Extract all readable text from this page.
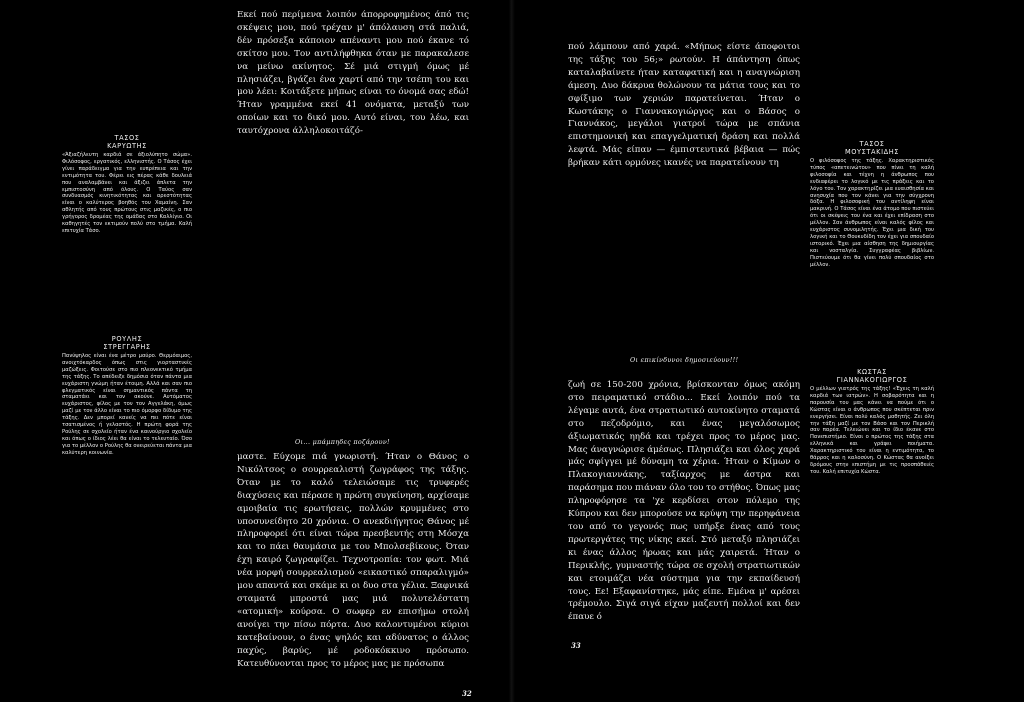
ΤΑΣΟΣ
ΚΑΡΥΩΤΗΣ
«Άξιαζήλευτη καρδιά σε άξιολύπητο σώμα». Φιλόσοφος, εργατικός, ελληνιστής. Ο Τάσος έχει γίνει παράδειγμα για την ευπρέπεια και την εντιμότητα του. Φέρει εις πέρας κάθε δουλειά που αναλαμβάνει και άξιζει άπλετα την εμπιστοσύνη από όλους. Ο Ταύος σαν συνδυασμός κινητικότητας και αρεστότητας είναι ο καλύτερος βοηθός του Χαμαίνη. Σαν αθλητής από τους πρώτους στις μαζικές, ο πιο γρήγορος δρομέας της ομάδας στο Καλλίγιο. Οι καθηγητές τον εκτιμούν πολύ στο τμήμα. Καλή επιτυχία Τάσο.
ΡΟΥΛΗΣ
ΣΤΡΕΓΓΑΡΗΣ
Πανύψηλος είναι ένα μέτρο μαύρο. Θερμόαιμος, ανοιχτόκαρδος όπως στις γιορταστικές μαζώξεις. Φοιτούσε στο πιο πλεονεκτικό τμήμα της τάξης. Το απέδειξε δημόσια όταν πάντα μια ευχάριστη γνώμη ήταν έτοιμη. Αλλά και σαν πιο φλεγματικός είναι σημαντικός πάντα τη σταματάει και τον ακούνε. Αυτόματος ευχάριστος, φίλος με τον τον Αγγελάκη, όμως μαζί με τον άλλο είναι το πιο όμορφο δίδυμο της τάξης. Δεν μπορεί κανείς να πει πότε είναι τσατισμένος ή γελαστός. Η πρώτη φορά της Ρούλης σε σχολείο ήταν ένα καινούργιο σχολείο και όπως ο ίδιος λέει θα είναι το τελευταίο. Όσο για το μέλλον ο Ρούλης θα ονειρεύεται πάντα μια καλύτερη κοινωνία.

Εκεί πού περίμενα λοιπόν άπορροφημένος άπό τις σκέψεις μου, πού τρέχαν μ' άπόλαυση στά παλιά, δέν πρόσεξα κάποιον απέναντι μου πού έκανε τό σκίτσο μου. Τον αντιλήφθηκα όταν με παρακαλεσε να μείνω ακίνητος. Σέ μιά στιγμή όμως μέ πλησιάζει, βγάζει ένα χαρτί από την τσέπη του και μου λέει: Κοιτάξετε μήπως είναι το όνομά σας εδώ! Ήταν γραμμένα εκεί 41 ονόματα, μεταξύ των οποίων και το δικό μου. Αυτό είναι, του λέω, και ταυτόχρονα άλληλοκοιτάζό-

Οι... μπάμπηδες ποζάρουν!

μαστε. Εύχομε πιά γνωριστή. Ήταν ο Θάνος ο Νικόλτσος ο σουρρεαλιστή ζωγράφος της τάξης. Όταν με το καλό τελειώσαμε τις τρυφερές διαχύσεις και πέρασε η πρώτη συγκίνηση, αρχίσαμε αμοιβαία τις ερωτήσεις, πολλών κρυμμένες στο υποσυνείδητο 20 χρόνια. Ο ανεκδιήγητος Θάνος μέ πληροφορεί ότι είναι τώρα πρεσβευτής στη Μόσχα και το πάει θαυμάσια με του Μπολσεβίκους. Όταν έχη καιρό ζωγραφίζει. Τεχνοτροπία: τον φωτ. Μιά νέα μορφή σουρρεαλισμού «εικαστικό σπαραλιγμό» μου απαντά και σκάμε κι οι δυο στα γέλια. Ξαφνικά σταματά μπροστά μας μιά πολυτελέστατη «ατομική» κούρσα. Ο σωφερ εν επισήμω στολή ανοίγει την πίσω πόρτα. Δυο καλοντυμένοι κύριοι κατεβαίνουν, ο ένας ψηλός και αδύνατος ο άλλος παχύς, βαρύς, μέ ροδοκόκκινο πρόσωπο. Κατευθύνονται προς το μέρος μας με πρόσωπα

32

πού λάμπουν από χαρά. «Μήπως είστε άποφοιτοι της τάξης του 56;» ρωτούν. Η άπάντηση όπως καταλαβαίνετε ήταν καταφατική και η αναγνώριση άμεση. Δυο δάκρυα θολώνουν τα μάτια τους και το σφίξιμο των χεριών παρατείνεται. Ήταν ο Κωστάκης ο Γιαννακογιώργος και ο Βάσος ο Γιαννάκος, μεγάλοι γιατροί τώρα με σπάνια επιστημονική και επαγγελματική δράση και πολλά λεφτά. Μάς είπαν — έμπιστευτικά βέβαια — πώς βρήκαν κάτι ορμόνες ικανές να παρατείνουν τη

Οι επικίνδυνοι δημοσιεύουν!!!

ζωή σε 150-200 χρόνια, βρίσκονταν όμως ακόμη στο πειραματικό στάδιο... Εκεί λοιπόν πού τα λέγαμε αυτά, ένα στρατιωτικό αυτοκίνητο σταματά στο πεζοδρόμιο, και ένας μεγαλόσωμος άξιωματικός ηηδά και τρέχει προς το μέρος μας. Μας άναγνώρισε άμέσως. Πλησιάζει και όλος χαρά μάς σφίγγει μέ δύναμη τα χέρια. Ήταν ο Κίμων ο Πλακογιαννάκης, ταξίαρχος με άστρα και παράσημα που πιάναν όλο του το στήθος. Όπως μας πληροφόρησε τα 'χε κερδίσει στον πόλεμο της Κύπρου και δεν μπορούσε να κρύψη την περηφάνεια του από το γεγονός πως υπήρξε ένας από τους πρωτεργάτες της νίκης εκεί. Στό μεταξύ πλησιάζει κι ένας άλλος ήρωας και μάς χαιρετά. Ήταν ο Περικλής, γυμναστής τώρα σε σχολή στρατιωτικών και ετοιμάζει νέα σύστημα για την εκπαίδευσή τους. Εε! Εξαφανίστηκε, μάς είπε. Εμένα μ' αρέσει τρέμουλο. Σιγά σιγά είχαν μαζευτή πολλοί και δεν έπαυε ό

33
ΤΑΣΟΣ
ΜΟΥΣΤΑΚΙΔΗΣ
Ο φιλόσοφος της τάξης. Χαρακτηριστικός τύπος «απετεινώτου» που πίνει τη καλή φιλοσοφία και τέχνη η άνθρωπος που ενδιαφέρει το λογικό με τις πράξεις και το λόγο του. Τον χαρακτηρίζει μια ευαισθησία και ανησυχία που τον κάνει για την σύγχρονη δόξα. Η φιλοσοφική του αντίληψη είναι μακρινή. Ο Τάσος είναι ένα άτομο που πιστεύει ότι οι σκέψεις του ένα και έχει επίδραση στο μέλλον. Σαν άνθρωπος είναι καλός φίλος και ευχάριστος συνομιλητής. Έχει μια δική του λογική και το Θουκυδίδη τον έχει για σπουδαίο ιστορικό. Έχει μια αίσθηση της δημιουργίας και νοσταλγία. Συγγραφέας βιβλίων. Πιστεύουμε ότι θα γίνει πολύ σπουδαίος στο μέλλον.
ΚΩΣΤΑΣ
ΓΙΑΝΝΑΚΟΓΙΩΡΓΟΣ
Ο μέλλων γιατρός της τάξης! «Έχεις τη καλή καρδιά των ιατρών». Η σοβαρότητα και η παρουσία του μας κάνει να πούμε ότι ο Κώστας είναι ο άνθρωπος που σκέπτεται πριν ενεργήσει. Είναι πολύ καλός μαθητής. Ζει όλη την τάξη μαζί με τον Βάσο και τον Περικλή σαν παρέα. Τελειώνει και το ίδιο έκανε στο Πανεπιστήμιο. Είναι ο πρώτος της τάξης στα ελληνικά και γράφει ποιήματα. Χαρακτηριστικό του είναι η εντιμότητα, το θάρρος και η καλοσύνη. Ο Κώστας θα ανοίξει δρόμους στην επιστήμη με τις προσπάθειές του. Καλή επιτυχία Κώστα.
